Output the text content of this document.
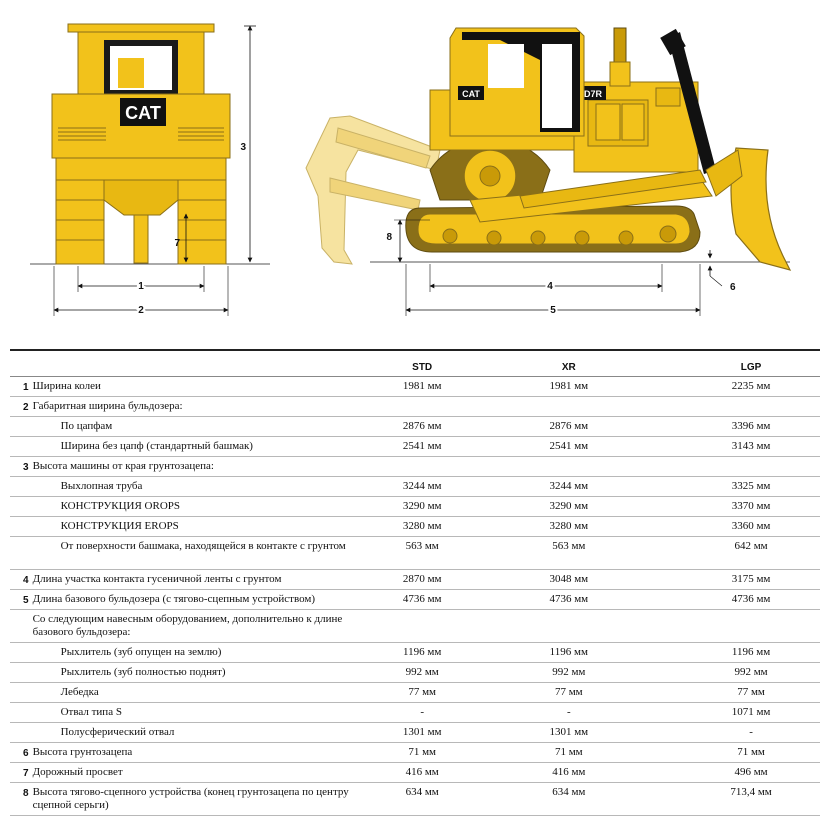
CAT
3
7
1
2
D7R
CAT
8
4
5
6
		STD	XR	LGP
1	Ширина колеи	1981 мм	1981 мм	2235 мм
2	Габаритная ширина бульдозера:			
	По цапфам	2876 мм	2876 мм	3396 мм
	Ширина без цапф (стандартный башмак)	2541 мм	2541 мм	3143 мм
3	Высота машины от края грунтозацепа:			
	Выхлопная труба	3244 мм	3244 мм	3325 мм
	КОНСТРУКЦИЯ OROPS	3290 мм	3290 мм	3370 мм
	КОНСТРУКЦИЯ EROPS	3280 мм	3280 мм	3360 мм
	От поверхности башмака, находящейся в контакте с грунтом	563 мм	563 мм	642 мм
4	Длина участка контакта гусеничной ленты с грунтом	2870 мм	3048 мм	3175 мм
5	Длина базового бульдозера (с тягово-сцепным устройством)	4736 мм	4736 мм	4736 мм
	Со следующим навесным оборудованием, дополнительно к длине базового бульдозера:			
	Рыхлитель (зуб опущен на землю)	1196 мм	1196 мм	1196 мм
	Рыхлитель (зуб полностью поднят)	992 мм	992 мм	992 мм
	Лебедка	77 мм	77 мм	77 мм
	Отвал типа S	-	-	1071 мм
	Полусферический отвал	1301 мм	1301 мм	-
6	Высота грунтозацепа	71 мм	71 мм	71 мм
7	Дорожный просвет	416 мм	416 мм	496 мм
8	Высота тягово-сцепного устройства (конец грунтозацепа по центру сцепной серьги)	634 мм	634 мм	713,4 мм
